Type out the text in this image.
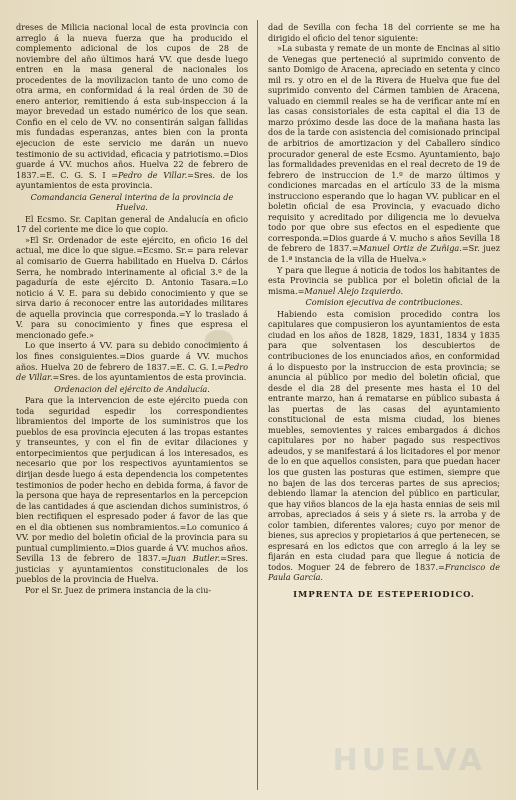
dreses de Milicia nacional local de esta provincia con arreglo á la nueva fuerza que ha producido el complemento adicional de los cupos de 28 de noviembre del año últimos hará VV. que desde luego entren en la masa general de nacionales los procedentes de la movilizacion tanto de uno como de otra arma, en conformidad á la real órden de 30 de enero anterior, remitiendo á esta sub-inspeccion á la mayor brevedad un estado numérico de los que sean. Confio en el celo de VV. no consentirán salgan fallidas mis fundadas esperanzas, antes bien con la pronta ejecucion de este servicio me darán un nuevo testimonio de su actividad, eficacia y patriotismo.=Dios guarde á VV. muchos años. Huelva 22 de febrero de 1837.=E. C. G. S. I =Pedro de Villar.=Sres. de los ayuntamientos de esta provincia.

Comandancia General interina de la provincia de Huelva.

El Ecsmo. Sr. Capitan general de Andalucía en oficio 17 del coriente me dice lo que copio.

»El Sr. Ordenador de este ejército, en oficio 16 del actual, me dice lo que sigue.=Ecsmo. Sr.= para relevar al comisario de Guerra habilitado en Huelva D. Cárlos Serra, he nombrado interinamente al oficial 3.º de la pagaduría de este ejército D. Antonio Tasara.=Lo noticio á V. E. para su debido conocimiento y que se sirva dario á reconocer entre las autoridades militares de aquella provincia que corresponda.=Y lo traslado á V. para su conocimiento y fines que espresa el mencionado gefe.»

Lo que inserto á VV. para su debido conocimiento á los fines consiguientes.=Dios guarde á VV. muchos años. Huelva 20 de febrero de 1837.=E. C. G. I.=Pedro de Villar.=Sres. de los ayuntamientos de esta provincia.

Ordenacion del ejército de Andalucía.

Para que la intervencion de este ejército pueda con toda seguridad espedir los correspondientes libramientos del importe de los suministros que los pueblos de esa provincia ejecuten á las tropas estantes y transeuntes, y con el fin de evitar dilaciones y entorpecimientos que perjudican á los interesados, es necesario que por los respectivos ayuntamientos se dirijan desde luego á esta dependencia los competentes testimonios de poder hecho en debida forma, á favor de la persona que haya de representarlos en la percepcion de las cantidades á que asciendan dichos suministros, ó bien rectifiquen el espresado poder á favor de las que en el dia obtienen sus nombramientos.=Lo comunico á VV. por medio del boletin oficial de la provincia para su puntual cumplimiento.=Dios guarde á VV. muchos años. Sevilla 13 de febrero de 1837.=Juan Butler.=Sres. justicias y ayuntamientos constitucionales de los pueblos de la provincia de Huelva.

Por el Sr. Juez de primera instancia de la ciu-

dad de Sevilla con fecha 18 del corriente se me ha dirigido el oficio del tenor siguiente:

»La subasta y remate de un monte de Encinas al sitio de Venegas que perteneció al suprimido convento de santo Domigo de Aracena, apreciado en setenta y cinco mil rs. y otro en el de la Rivera de Huelva que fue del suprimido convento del Cármen tambien de Aracena, valuado en ciemmil reales se ha de verificar ante mí en las casas consistoriales de esta capital el dia 13 de marzo próximo desde las doce de la mañana hasta las dos de la tarde con asistencia del comisionado principal de arbitrios de amortizacion y del Caballero síndico procurador general de este Ecsmo. Ayuntamiento, bajo las formalidades prevenidas en el real decreto de 19 de febrero de instruccion de 1.º de marzo últimos y condiciones marcadas en el artículo 33 de la misma instrucciono esperando que lo hagan VV. publicar en el boletin oficial de esa Provincia, y evacuado dicho requisito y acreditado por diligencia me lo devuelva todo por que obre sus efectos en el espediente que corresponda.=Dios guarde á V. mucho s años Sevilla 18 de febrero de 1837.=Manuel Ortiz de Zuñiga.=Sr. juez de 1.ª instancia de la villa de Huelva.»

Y para que llegue á noticia de todos los habitantes de esta Provincia se publica por el boletin oficial de la misma.=Manuel Alejo Izquierdo.

Comision ejecutiva de contribuciones.

Habiendo esta comision procedido contra los capitulares que compusieron los ayuntamientos de esta ciudad en los años de 1828, 1829, 1831, 1834 y 1835 para que solventasen los descubiertos de contribuciones de los enunciados años, en conformidad á lo dispuesto por la instruccion de esta provincia; se anuncia al público por medio del boletin oficial, que desde el dia 28 del presente mes hasta el 10 del entrante marzo, han á rematarse en público subasta á las puertas de las casas del ayuntamiento constitucional de esta misma ciudad, los bienes muebles, semovientes y raices embargados á dichos capitulares por no haber pagado sus respectivos adeudos, y se manifestará á los licitadores el por menor de lo en que aquellos consisten, para que puedan hacer los que gusten las posturas que estimen, siempre que no bajen de las dos terceras partes de sus aprecios; debiendo llamar la atencion del público en particular, que hay viños blancos de la eja hasta ennias de seis mil arrobas, apreciados á seis y á siete rs. la arroba y de color tambien, diferentes valores; cuyo por menor de bienes, sus aprecios y propietarios á que pertenecen, se espresará en los edictos que con arreglo á la ley se fijarán en esta ciudad para que llegue á noticia de todos. Moguer 24 de febrero de 1837.=Francisco de Paula García.

IMPRENTA DE ESTEPERIODICO.

HUELVA
